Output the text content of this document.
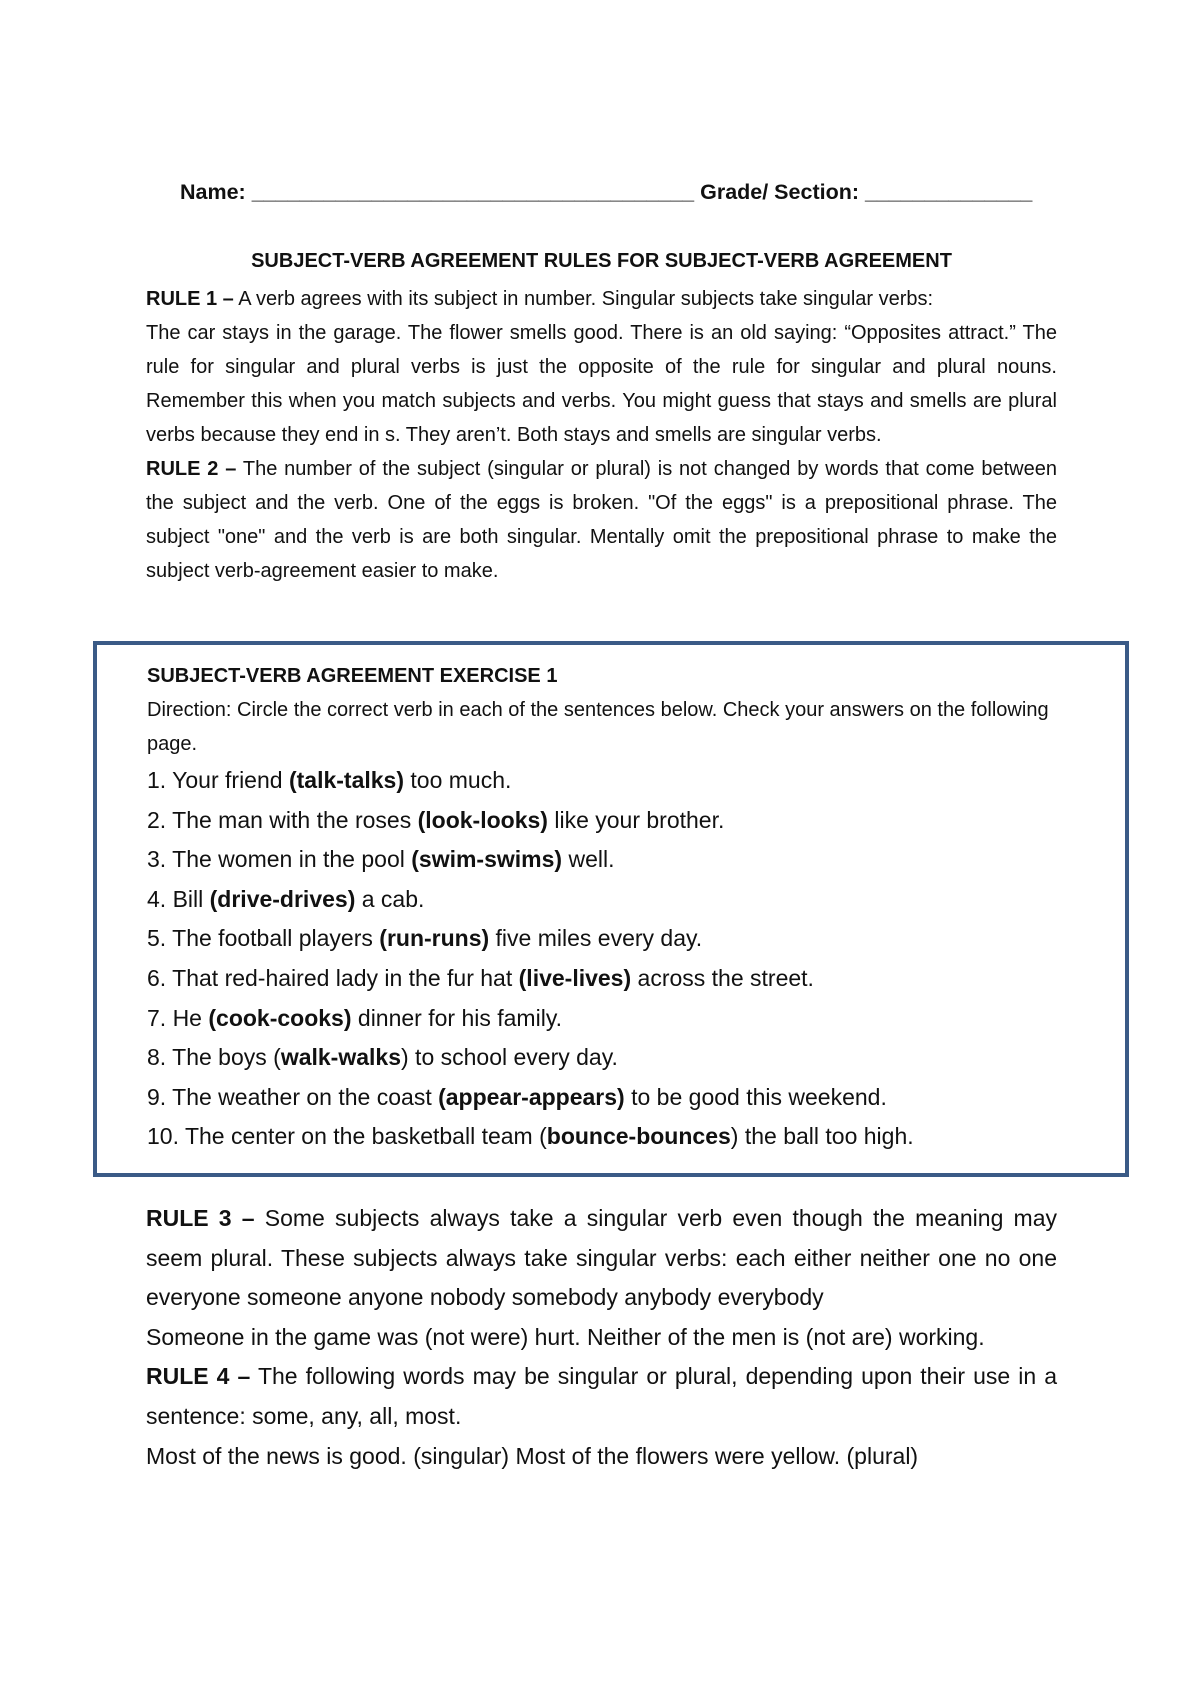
Name: _____________________________________ Grade/ Section: ______________
SUBJECT-VERB AGREEMENT RULES FOR SUBJECT-VERB AGREEMENT

RULE 1 – A verb agrees with its subject in number. Singular subjects take singular verbs:

The car stays in the garage. The flower smells good. There is an old saying: “Opposites attract.” The rule for singular and plural verbs is just the opposite of the rule for singular and plural nouns. Remember this when you match subjects and verbs. You might guess that stays and smells are plural verbs because they end in s. They aren’t. Both stays and smells are singular verbs.

RULE 2 – The number of the subject (singular or plural) is not changed by words that come between the subject and the verb. One of the eggs is broken. "Of the eggs" is a prepositional phrase. The subject "one" and the verb is are both singular. Mentally omit the prepositional phrase to make the subject verb-agreement easier to make.

SUBJECT-VERB AGREEMENT EXERCISE 1
Direction: Circle the correct verb in each of the sentences below. Check your answers on the following page.
1. Your friend (talk-talks) too much.
2. The man with the roses (look-looks) like your brother.
3. The women in the pool (swim-swims) well.
4. Bill (drive-drives) a cab.
5. The football players (run-runs) five miles every day.
6. That red-haired lady in the fur hat (live-lives) across the street.
7. He (cook-cooks) dinner for his family.
8. The boys (walk-walks) to school every day.
9. The weather on the coast (appear-appears) to be good this weekend.
10. The center on the basketball team (bounce-bounces) the ball too high.

RULE 3 – Some subjects always take a singular verb even though the meaning may seem plural. These subjects always take singular verbs: each either neither one no one everyone someone anyone nobody somebody anybody everybody

Someone in the game was (not were) hurt. Neither of the men is (not are) working.

RULE 4 – The following words may be singular or plural, depending upon their use in a sentence: some, any, all, most.

Most of the news is good. (singular) Most of the flowers were yellow. (plural)
